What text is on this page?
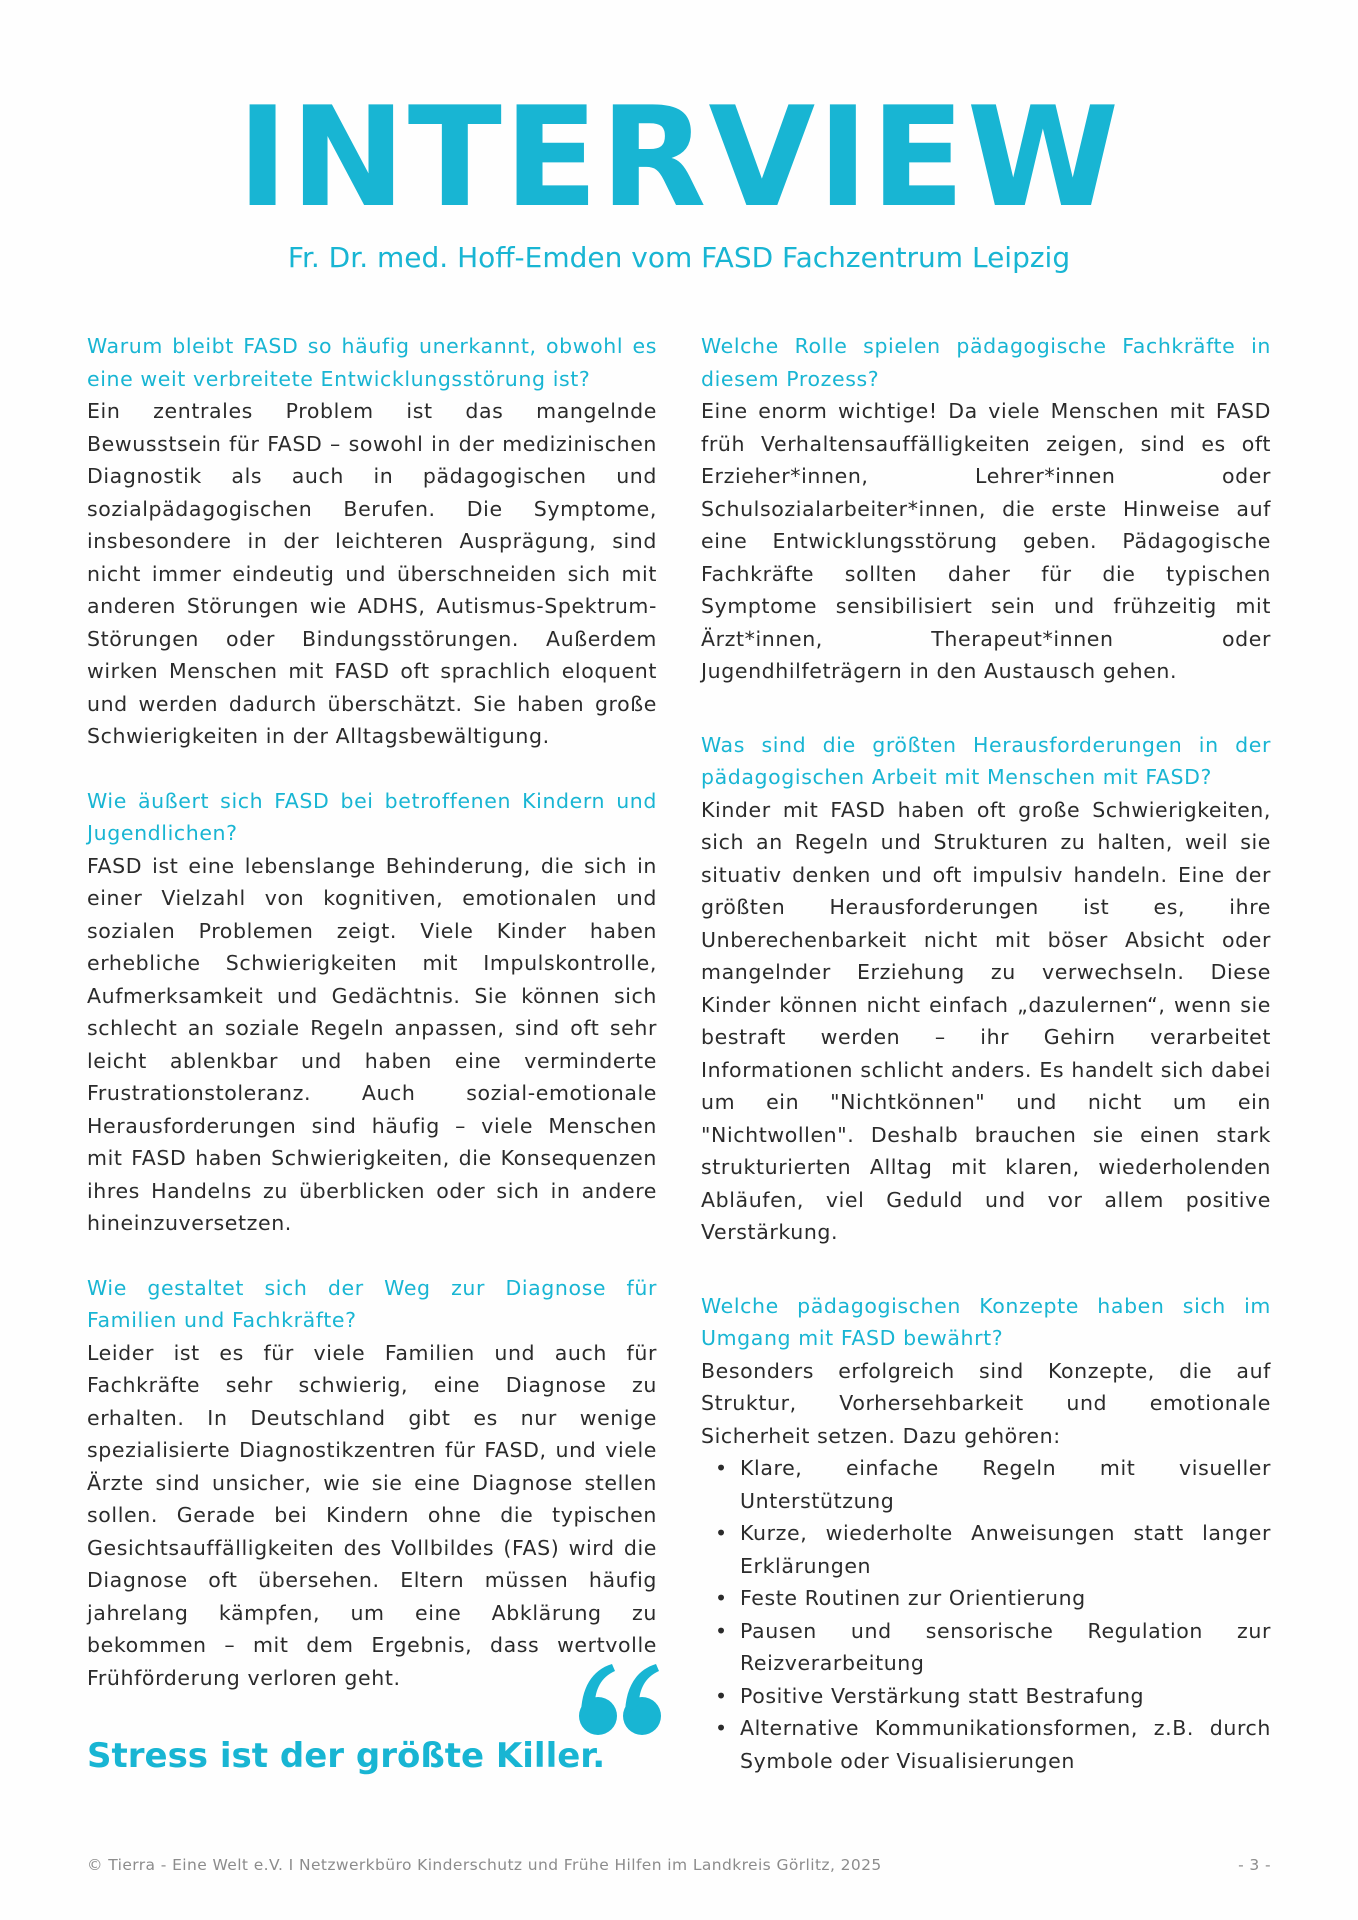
INTERVIEW
Fr. Dr. med. Hoff-Emden vom FASD Fachzentrum Leipzig

Warum bleibt FASD so häufig unerkannt, obwohl es eine weit verbreitete Entwicklungsstörung ist?

Ein zentrales Problem ist das mangelnde Bewusstsein für FASD – sowohl in der medizinischen Diagnostik als auch in pädagogischen und sozialpädagogischen Berufen. Die Symptome, insbesondere in der leichteren Ausprägung, sind nicht immer eindeutig und überschneiden sich mit anderen Störungen wie ADHS, Autismus-Spektrum-Störungen oder Bindungsstörungen. Außerdem wirken Menschen mit FASD oft sprachlich eloquent und werden dadurch überschätzt. Sie haben große Schwierigkeiten in der Alltagsbewältigung.

Wie äußert sich FASD bei betroffenen Kindern und Jugendlichen?

FASD ist eine lebenslange Behinderung, die sich in einer Vielzahl von kognitiven, emotionalen und sozialen Problemen zeigt. Viele Kinder haben erhebliche Schwierigkeiten mit Impulskontrolle, Aufmerksamkeit und Gedächtnis. Sie können sich schlecht an soziale Regeln anpassen, sind oft sehr leicht ablenkbar und haben eine verminderte Frustrationstoleranz. Auch sozial-emotionale Herausforderungen sind häufig – viele Menschen mit FASD haben Schwierigkeiten, die Konsequenzen ihres Handelns zu überblicken oder sich in andere hineinzuversetzen.

Wie gestaltet sich der Weg zur Diagnose für Familien und Fachkräfte?

Leider ist es für viele Familien und auch für Fachkräfte sehr schwierig, eine Diagnose zu erhalten. In Deutschland gibt es nur wenige spezialisierte Diagnostikzentren für FASD, und viele Ärzte sind unsicher, wie sie eine Diagnose stellen sollen. Gerade bei Kindern ohne die typischen Gesichtsauffälligkeiten des Vollbildes (FAS) wird die Diagnose oft übersehen. Eltern müssen häufig jahrelang kämpfen, um eine Abklärung zu bekommen – mit dem Ergebnis, dass wertvolle Frühförderung verloren geht.

Welche Rolle spielen pädagogische Fachkräfte in diesem Prozess?

Eine enorm wichtige! Da viele Menschen mit FASD früh Verhaltensauffälligkeiten zeigen, sind es oft Erzieher*innen, Lehrer*innen oder Schulsozialarbeiter*innen, die erste Hinweise auf eine Entwicklungsstörung geben. Pädagogische Fachkräfte sollten daher für die typischen Symptome sensibilisiert sein und frühzeitig mit Ärzt*innen, Therapeut*innen oder Jugendhilfeträgern in den Austausch gehen.

Was sind die größten Herausforderungen in der pädagogischen Arbeit mit Menschen mit FASD?

Kinder mit FASD haben oft große Schwierigkeiten, sich an Regeln und Strukturen zu halten, weil sie situativ denken und oft impulsiv handeln. Eine der größten Herausforderungen ist es, ihre Unberechenbarkeit nicht mit böser Absicht oder mangelnder Erziehung zu verwechseln. Diese Kinder können nicht einfach „dazulernen“, wenn sie bestraft werden – ihr Gehirn verarbeitet Informationen schlicht anders. Es handelt sich dabei um ein "Nichtkönnen" und nicht um ein "Nichtwollen". Deshalb brauchen sie einen stark strukturierten Alltag mit klaren, wiederholenden Abläufen, viel Geduld und vor allem positive Verstärkung.

Welche pädagogischen Konzepte haben sich im Umgang mit FASD bewährt?

Besonders erfolgreich sind Konzepte, die auf Struktur, Vorhersehbarkeit und emotionale Sicherheit setzen. Dazu gehören:

• Klare, einfache Regeln mit visueller Unterstützung
• Kurze, wiederholte Anweisungen statt langer Erklärungen
• Feste Routinen zur Orientierung
• Pausen und sensorische Regulation zur Reizverarbeitung
• Positive Verstärkung statt Bestrafung
• Alternative Kommunikationsformen, z.B. durch Symbole oder Visualisierungen
Stress ist der größte Killer.
© Tierra - Eine Welt e.V. I Netzwerkbüro Kinderschutz und Frühe Hilfen im Landkreis Görlitz, 2025	- 3 -
